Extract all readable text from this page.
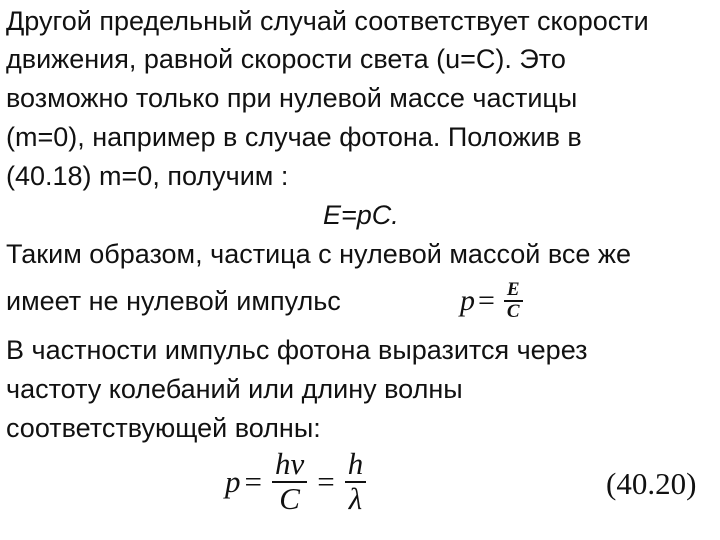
Другой предельный случай соответствует скорости
движения, равной скорости света (u=C). Это
возможно только при нулевой массе частицы
(m=0), например в случае фотона. Положив в
(40.18) m=0, получим :
E=pC.
Таким образом, частица с нулевой массой все же
имеет не нулевой импульс	$p = \frac{E}{C}$
В частности импульс фотона выразится через
частоту колебаний или длину волны
соответствующей волны:
$p = \frac{h\nu}{C} = \frac{h}{\lambda}$	(40.20)
